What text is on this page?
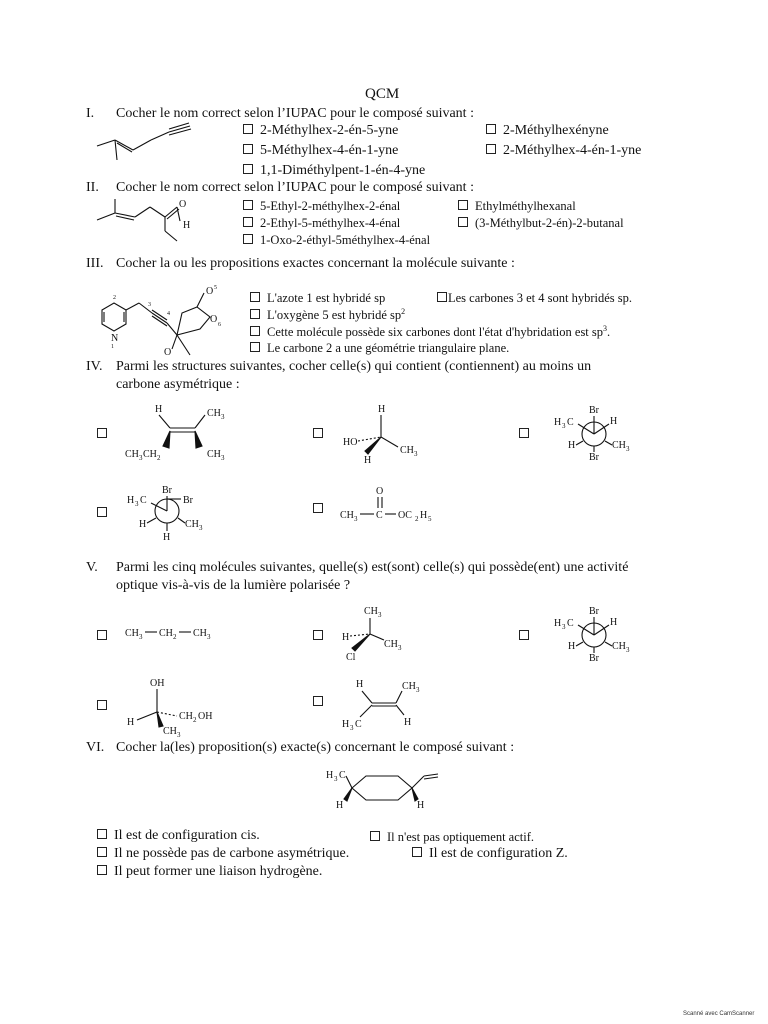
QCM
I. Cocher le nom correct selon l’IUPAC pour le composé suivant :
2-Méthylhex-2-én-5-yne	2-Méthylhexényne
5-Méthylhex-4-én-1-yne	2-Méthylhex-4-én-1-yne
1,1-Diméthylpent-1-én-4-yne
II. Cocher le nom correct selon l’IUPAC pour le composé suivant :
O
H
5-Ethyl-2-méthylhex-2-énal	Ethylméthylhexanal
2-Ethyl-5-méthylhex-4-énal	(3-Méthylbut-2-én)-2-butanal
1-Oxo-2-éthyl-5méthylhex-4-énal
III. Cocher la ou les propositions exactes concernant la molécule suivante :
N
1
2
3
4
O
O 5
O 6
L'azote 1 est hybridé sp	Les carbones 3 et 4 sont hybridés sp.
L'oxygène 5 est hybridé $sp^2$
Cette molécule possède six carbones dont l'état d'hybridation est $sp^3$.
Le carbone 2 a une géométrie triangulaire plane.
IV. Parmi les structures suivantes, cocher celle(s) qui contient (contiennent) au moins un
carbone asymétrique :
H	CH 3
CH 3 CH 2	CH 3
H
HO
CH 3
H
Br
H 3 C	H
H	CH 3
Br
Br
H 3 C	Br
H	CH 3
H
O
CH 3 C OC 2 H 5
V. Parmi les cinq molécules suivantes, quelle(s) est(sont) celle(s) qui possède(ent) une activité
optique vis-à-vis de la lumière polarisée ?
CH 3 CH 2 CH 3
CH 3
H
CH 3
Cl
Br
H 3 C	H
H	CH 3
Br
OH
H
CH 2 OH
CH 3
H	CH 3
H 3 C	H
VI. Cocher la(les) proposition(s) exacte(s) concernant le composé suivant :
H 3 C
H	H
Il est de configuration cis.	Il n'est pas optiquement actif.
Il ne possède pas de carbone asymétrique.	Il est de configuration Z.
Il peut former une liaison hydrogène.
Scanné avec CamScanner
